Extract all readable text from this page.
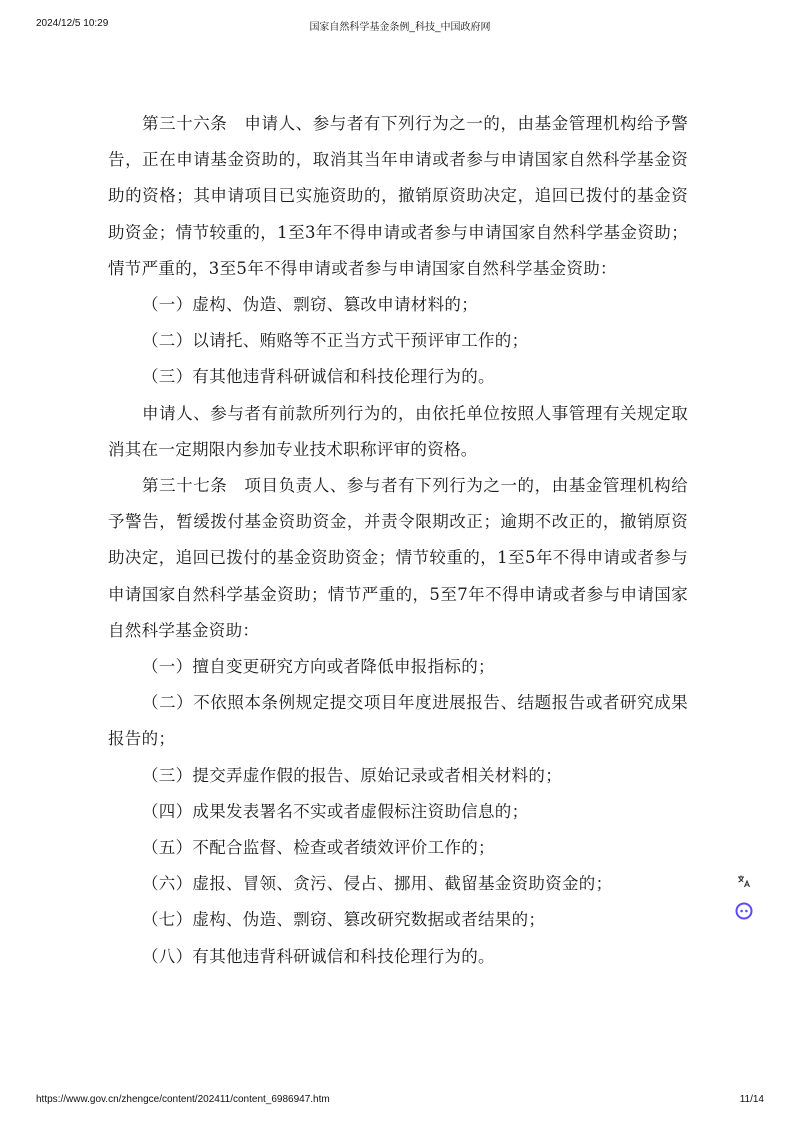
2024/12/5 10:29	国家自然科学基金条例_科技_中国政府网

第三十六条　申请人、参与者有下列行为之一的，由基金管理机构给予警告，正在申请基金资助的，取消其当年申请或者参与申请国家自然科学基金资助的资格；其申请项目已实施资助的，撤销原资助决定，追回已拨付的基金资助资金；情节较重的，1至3年不得申请或者参与申请国家自然科学基金资助；情节严重的，3至5年不得申请或者参与申请国家自然科学基金资助：

（一）虚构、伪造、剽窃、篡改申请材料的；

（二）以请托、贿赂等不正当方式干预评审工作的；

（三）有其他违背科研诚信和科技伦理行为的。

申请人、参与者有前款所列行为的，由依托单位按照人事管理有关规定取消其在一定期限内参加专业技术职称评审的资格。

第三十七条　项目负责人、参与者有下列行为之一的，由基金管理机构给予警告，暂缓拨付基金资助资金，并责令限期改正；逾期不改正的，撤销原资助决定，追回已拨付的基金资助资金；情节较重的，1至5年不得申请或者参与申请国家自然科学基金资助；情节严重的，5至7年不得申请或者参与申请国家自然科学基金资助：

（一）擅自变更研究方向或者降低申报指标的；

（二）不依照本条例规定提交项目年度进展报告、结题报告或者研究成果报告的；

（三）提交弄虚作假的报告、原始记录或者相关材料的；

（四）成果发表署名不实或者虚假标注资助信息的；

（五）不配合监督、检查或者绩效评价工作的；

（六）虚报、冒领、贪污、侵占、挪用、截留基金资助资金的；

（七）虚构、伪造、剽窃、篡改研究数据或者结果的；

（八）有其他违背科研诚信和科技伦理行为的。

https://www.gov.cn/zhengce/content/202411/content_6986947.htm	11/14
